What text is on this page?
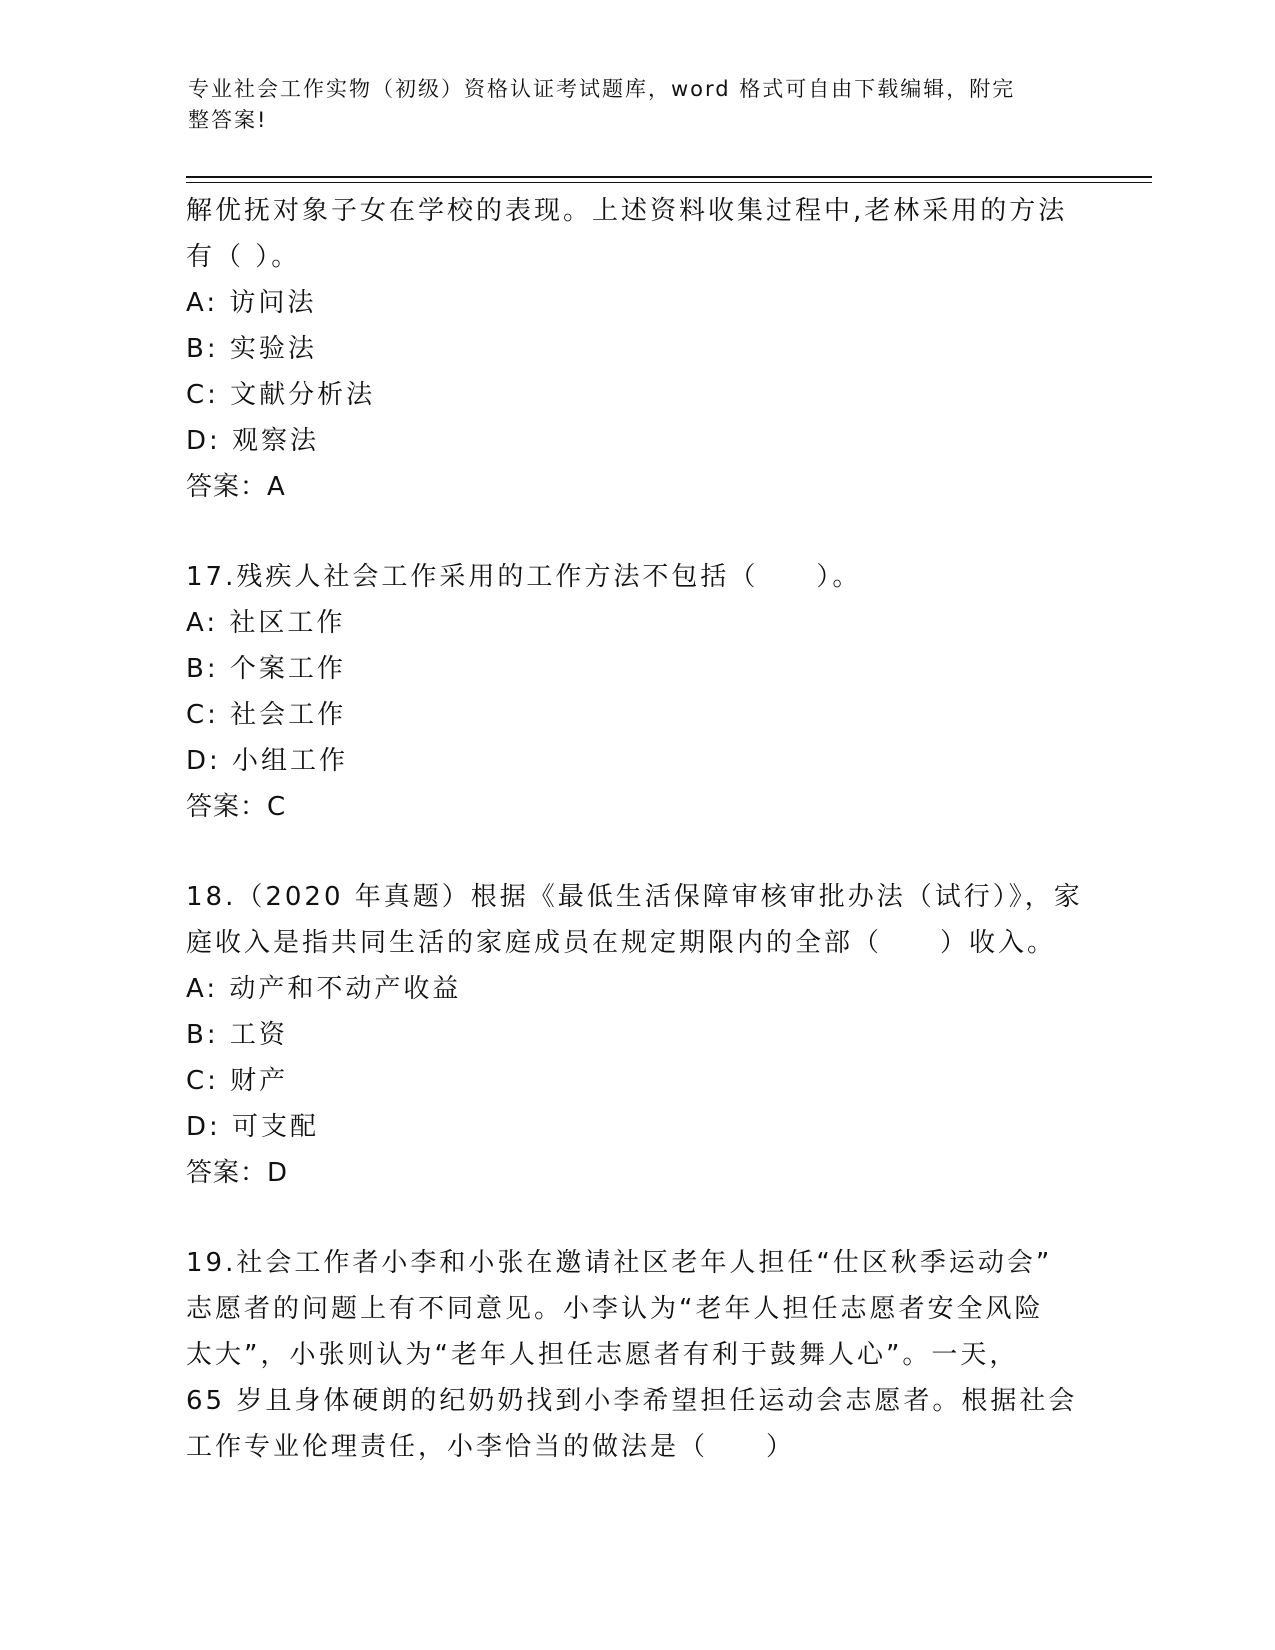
专业社会工作实物（初级）资格认证考试题库，word 格式可自由下载编辑，附完
整答案!
解优抚对象子女在学校的表现。上述资料收集过程中,老林采用的方法
有（ ）。
A: 访问法
B: 实验法
C: 文献分析法
D: 观察法
答案：A
17.残疾人社会工作采用的工作方法不包括（　　）。
A: 社区工作
B: 个案工作
C: 社会工作
D: 小组工作
答案：C
18.（2020 年真题）根据《最低生活保障审核审批办法（试行）》，家
庭收入是指共同生活的家庭成员在规定期限内的全部（　　）收入。
A: 动产和不动产收益
B: 工资
C: 财产
D: 可支配
答案：D
19.社会工作者小李和小张在邀请社区老年人担任“仕区秋季运动会”
志愿者的问题上有不同意见。小李认为“老年人担任志愿者安全风险
太大”，小张则认为“老年人担任志愿者有利于鼓舞人心”。一天，
65 岁且身体硬朗的纪奶奶找到小李希望担任运动会志愿者。根据社会
工作专业伦理责任，小李恰当的做法是（　　）
